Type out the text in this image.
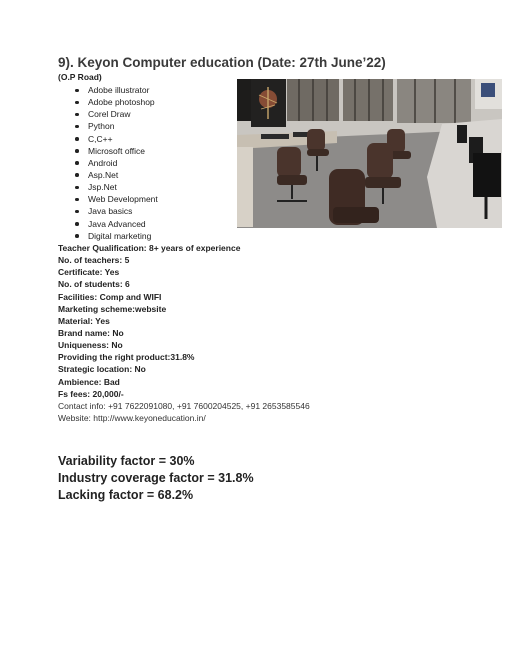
9). Keyon Computer education (Date: 27th June’22)
(O.P Road)
Adobe illustrator
Adobe photoshop
Corel Draw
Python
C,C++
Microsoft office
Android
Asp.Net
Jsp.Net
Web Development
Java basics
Java Advanced
Digital marketing
Teacher Qualification: 8+ years of experience
No. of teachers: 5
Certificate: Yes
No. of students: 6
Facilities: Comp and WIFI
Marketing scheme:website
Material: Yes
Brand name: No
Uniqueness: No
Providing the right product:31.8%
Strategic location: No
Ambience: Bad
Fs fees: 20,000/-
Contact info: +91 7622091080, +91 7600204525, +91 2653585546
Website: http://www.keyoneducation.in/
Variability factor = 30%
Industry coverage factor = 31.8%
Lacking factor = 68.2%
